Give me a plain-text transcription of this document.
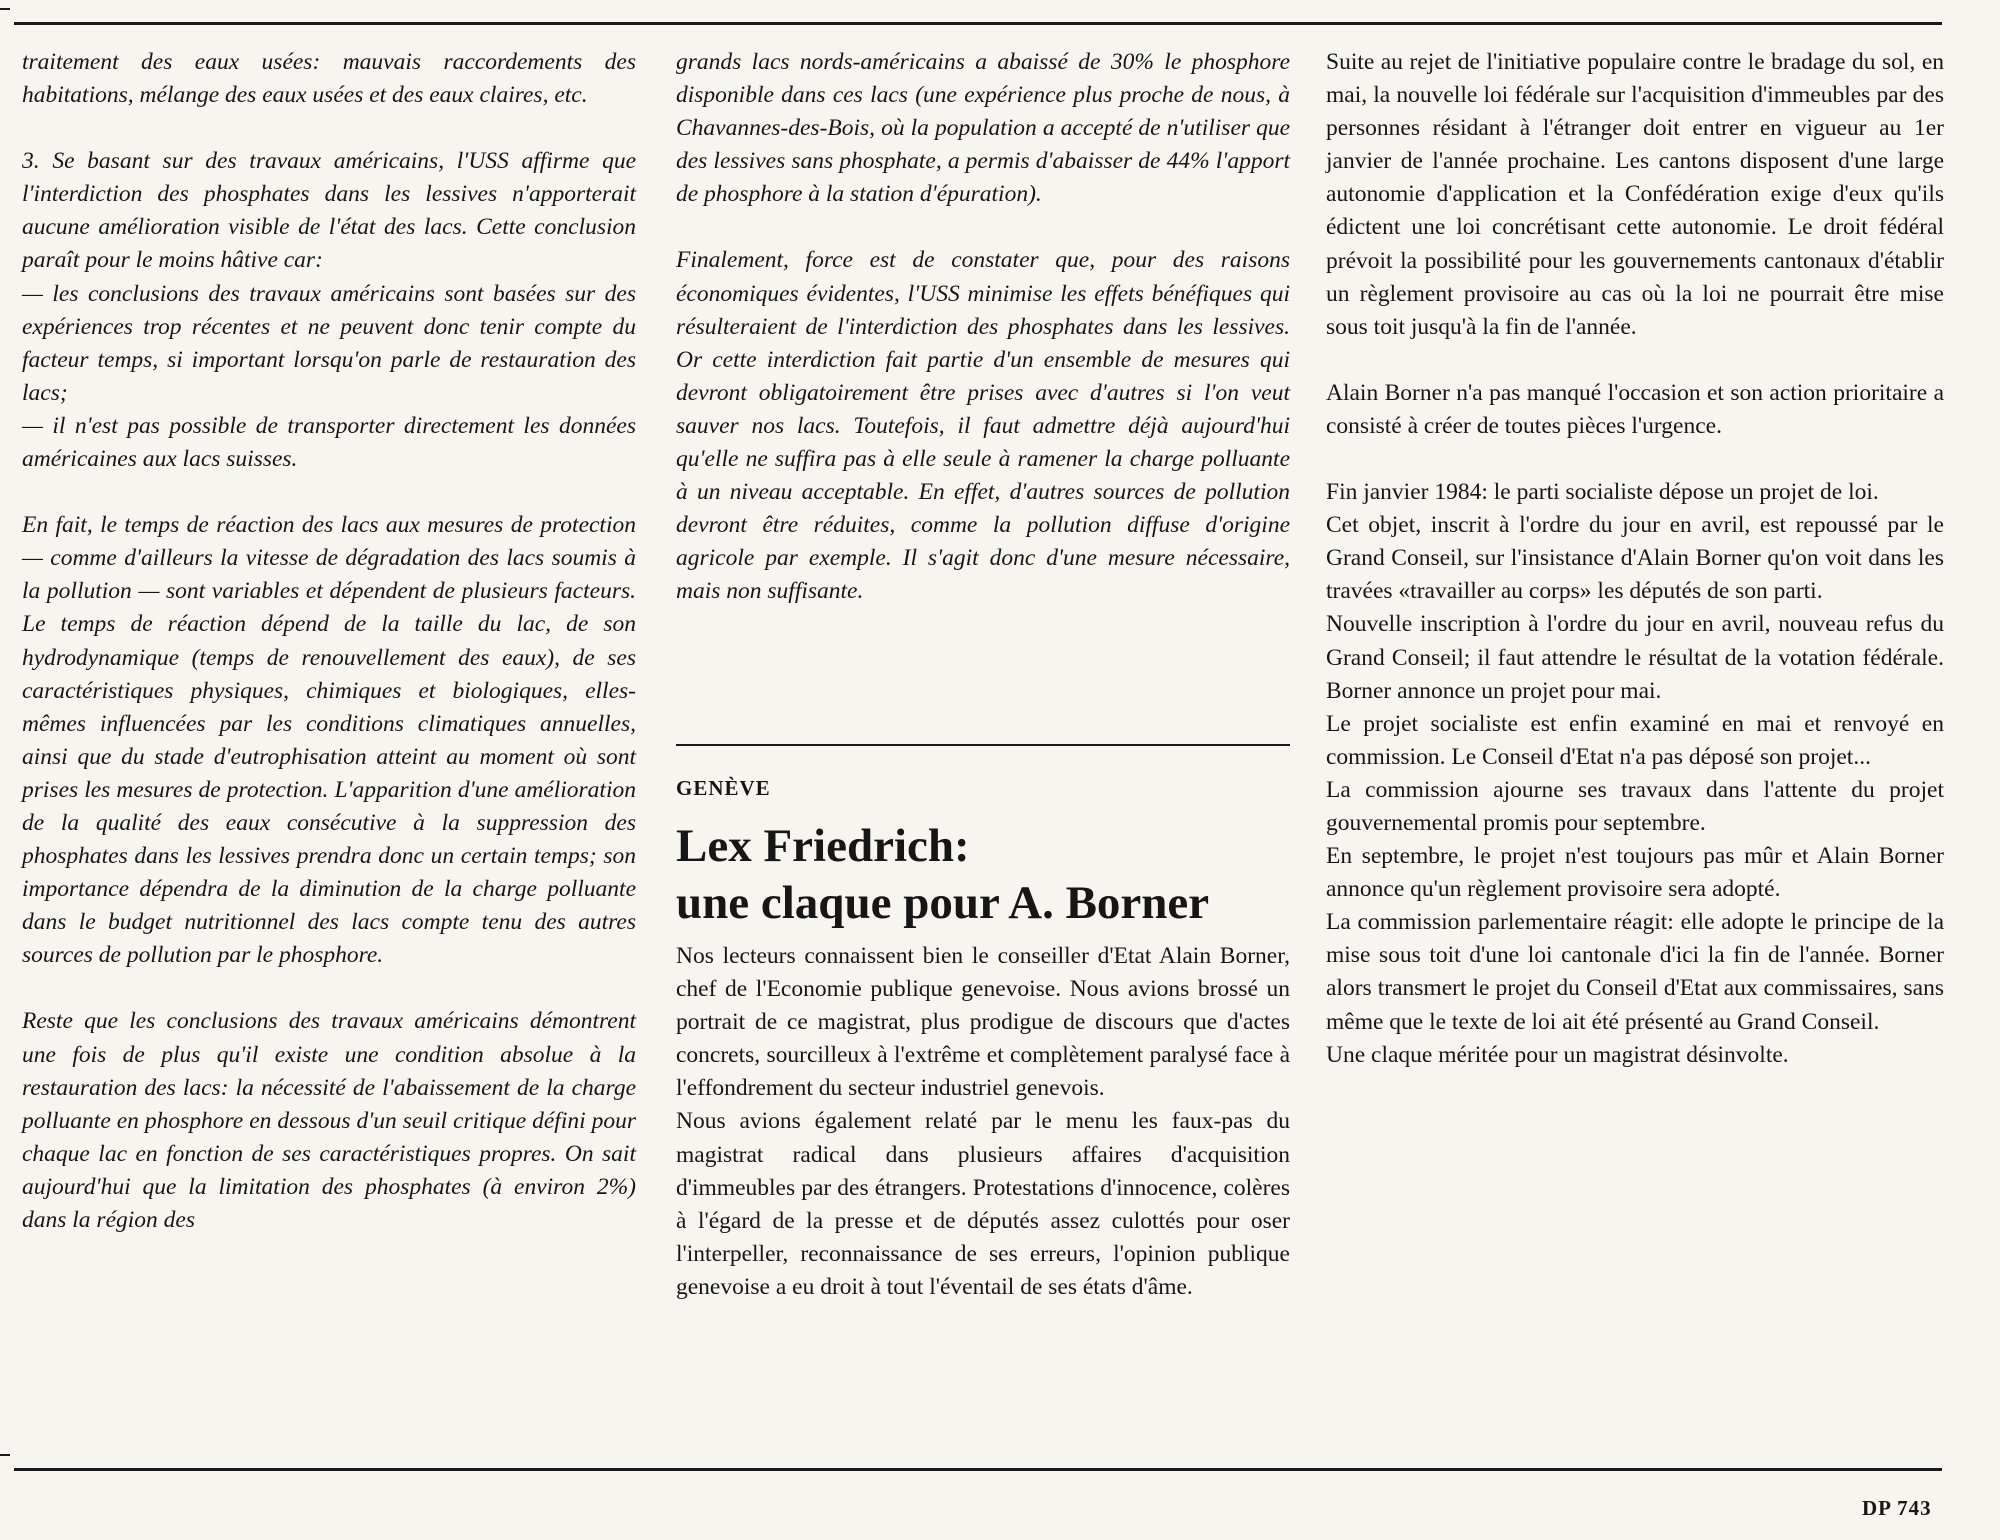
traitement des eaux usées: mauvais raccordements des habitations, mélange des eaux usées et des eaux claires, etc.

3. Se basant sur des travaux américains, l'USS affirme que l'interdiction des phosphates dans les lessives n'apporterait aucune amélioration visible de l'état des lacs. Cette conclusion paraît pour le moins hâtive car:

— les conclusions des travaux américains sont basées sur des expériences trop récentes et ne peuvent donc tenir compte du facteur temps, si important lorsqu'on parle de restauration des lacs;

— il n'est pas possible de transporter directement les données américaines aux lacs suisses.

En fait, le temps de réaction des lacs aux mesures de protection — comme d'ailleurs la vitesse de dégradation des lacs soumis à la pollution — sont variables et dépendent de plusieurs facteurs. Le temps de réaction dépend de la taille du lac, de son hydrodynamique (temps de renouvellement des eaux), de ses caractéristiques physiques, chimiques et biologiques, elles-mêmes influencées par les conditions climatiques annuelles, ainsi que du stade d'eutrophisation atteint au moment où sont prises les mesures de protection. L'apparition d'une amélioration de la qualité des eaux consécutive à la suppression des phosphates dans les lessives prendra donc un certain temps; son importance dépendra de la diminution de la charge polluante dans le budget nutritionnel des lacs compte tenu des autres sources de pollution par le phosphore.

Reste que les conclusions des travaux américains démontrent une fois de plus qu'il existe une condition absolue à la restauration des lacs: la nécessité de l'abaissement de la charge polluante en phosphore en dessous d'un seuil critique défini pour chaque lac en fonction de ses caractéristiques propres. On sait aujourd'hui que la limitation des phosphates (à environ 2%) dans la région des

grands lacs nords-américains a abaissé de 30% le phosphore disponible dans ces lacs (une expérience plus proche de nous, à Chavannes-des-Bois, où la population a accepté de n'utiliser que des lessives sans phosphate, a permis d'abaisser de 44% l'apport de phosphore à la station d'épuration).

Finalement, force est de constater que, pour des raisons économiques évidentes, l'USS minimise les effets bénéfiques qui résulteraient de l'interdiction des phosphates dans les lessives. Or cette interdiction fait partie d'un ensemble de mesures qui devront obligatoirement être prises avec d'autres si l'on veut sauver nos lacs. Toutefois, il faut admettre déjà aujourd'hui qu'elle ne suffira pas à elle seule à ramener la charge polluante à un niveau acceptable. En effet, d'autres sources de pollution devront être réduites, comme la pollution diffuse d'origine agricole par exemple. Il s'agit donc d'une mesure nécessaire, mais non suffisante.

GENÈVE
Lex Friedrich:
une claque pour A. Borner

Nos lecteurs connaissent bien le conseiller d'Etat Alain Borner, chef de l'Economie publique genevoise. Nous avions brossé un portrait de ce magistrat, plus prodigue de discours que d'actes concrets, sourcilleux à l'extrême et complètement paralysé face à l'effondrement du secteur industriel genevois.

Nous avions également relaté par le menu les faux-pas du magistrat radical dans plusieurs affaires d'acquisition d'immeubles par des étrangers. Protestations d'innocence, colères à l'égard de la presse et de députés assez culottés pour oser l'interpeller, reconnaissance de ses erreurs, l'opinion publique genevoise a eu droit à tout l'éventail de ses états d'âme.

Suite au rejet de l'initiative populaire contre le bradage du sol, en mai, la nouvelle loi fédérale sur l'acquisition d'immeubles par des personnes résidant à l'étranger doit entrer en vigueur au 1er janvier de l'année prochaine. Les cantons disposent d'une large autonomie d'application et la Confédération exige d'eux qu'ils édictent une loi concrétisant cette autonomie. Le droit fédéral prévoit la possibilité pour les gouvernements cantonaux d'établir un règlement provisoire au cas où la loi ne pourrait être mise sous toit jusqu'à la fin de l'année.

Alain Borner n'a pas manqué l'occasion et son action prioritaire a consisté à créer de toutes pièces l'urgence.

Fin janvier 1984: le parti socialiste dépose un projet de loi.

Cet objet, inscrit à l'ordre du jour en avril, est repoussé par le Grand Conseil, sur l'insistance d'Alain Borner qu'on voit dans les travées «travailler au corps» les députés de son parti.

Nouvelle inscription à l'ordre du jour en avril, nouveau refus du Grand Conseil; il faut attendre le résultat de la votation fédérale. Borner annonce un projet pour mai.

Le projet socialiste est enfin examiné en mai et renvoyé en commission. Le Conseil d'Etat n'a pas déposé son projet...

La commission ajourne ses travaux dans l'attente du projet gouvernemental promis pour septembre.

En septembre, le projet n'est toujours pas mûr et Alain Borner annonce qu'un règlement provisoire sera adopté.

La commission parlementaire réagit: elle adopte le principe de la mise sous toit d'une loi cantonale d'ici la fin de l'année. Borner alors transmert le projet du Conseil d'Etat aux commissaires, sans même que le texte de loi ait été présenté au Grand Conseil.

Une claque méritée pour un magistrat désinvolte.

DP 743
